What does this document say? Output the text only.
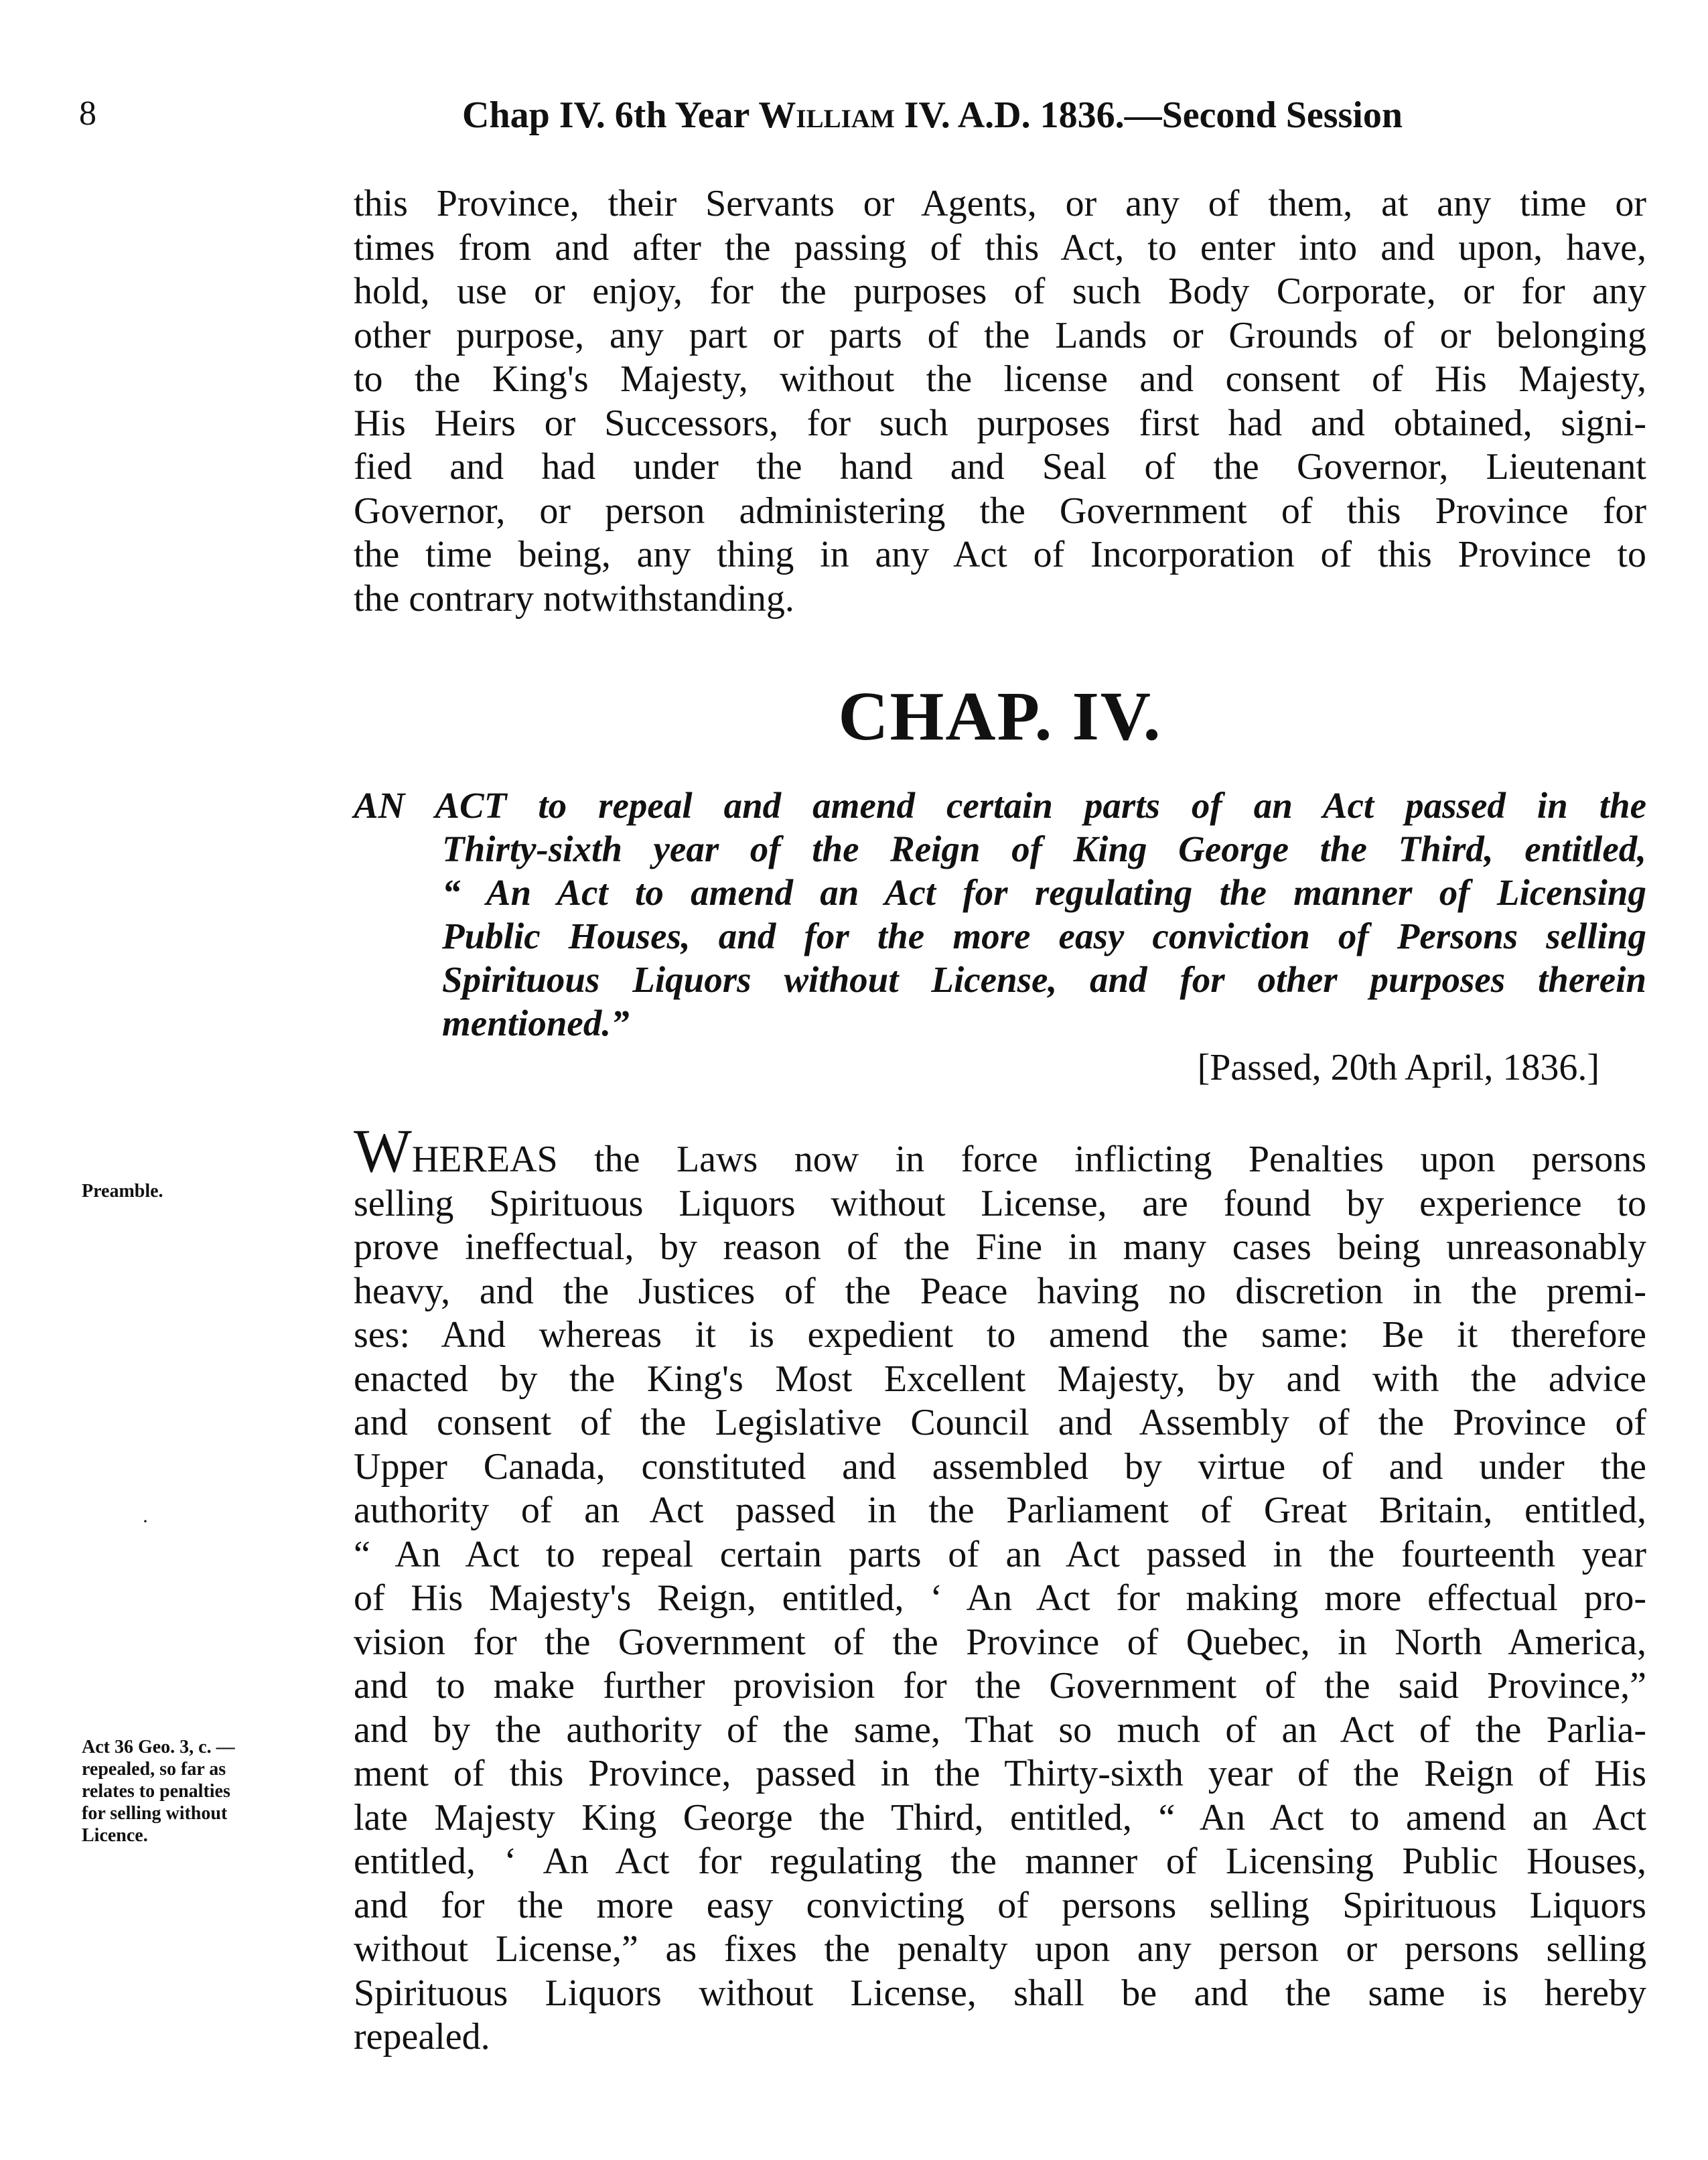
8	Chap IV. 6th Year William IV. A.D. 1836.—Second Session

this Province, their Servants or Agents, or any of them, at any time or
times from and after the passing of this Act, to enter into and upon, have,
hold, use or enjoy, for the purposes of such Body Corporate, or for any
other purpose, any part or parts of the Lands or Grounds of or belonging
to the King's Majesty, without the license and consent of His Majesty,
His Heirs or Successors, for such purposes first had and obtained, signi-
fied and had under the hand and Seal of the Governor, Lieutenant
Governor, or person administering the Government of this Province for
the time being, any thing in any Act of Incorporation of this Province to
the contrary notwithstanding.

CHAP. IV.
AN ACT to repeal and amend certain parts of an Act passed in the
Thirty-sixth year of the Reign of King George the Third, entitled,
“ An Act to amend an Act for regulating the manner of Licensing
Public Houses, and for the more easy conviction of Persons selling
Spirituous Liquors without License, and for other purposes therein
mentioned.”
[Passed, 20th April, 1836.]

WHEREAS the Laws now in force inflicting Penalties upon persons
selling Spirituous Liquors without License, are found by experience to
prove ineffectual, by reason of the Fine in many cases being unreasonably
heavy, and the Justices of the Peace having no discretion in the premi-
ses: And whereas it is expedient to amend the same: Be it therefore
enacted by the King's Most Excellent Majesty, by and with the advice
and consent of the Legislative Council and Assembly of the Province of
Upper Canada, constituted and assembled by virtue of and under the
authority of an Act passed in the Parliament of Great Britain, entitled,
“ An Act to repeal certain parts of an Act passed in the fourteenth year
of His Majesty's Reign, entitled, ‘ An Act for making more effectual pro-
vision for the Government of the Province of Quebec, in North America,
and to make further provision for the Government of the said Province,”
and by the authority of the same, That so much of an Act of the Parlia-
ment of this Province, passed in the Thirty-sixth year of the Reign of His
late Majesty King George the Third, entitled, “ An Act to amend an Act
entitled, ‘ An Act for regulating the manner of Licensing Public Houses,
and for the more easy convicting of persons selling Spirituous Liquors
without License,” as fixes the penalty upon any person or persons selling
Spirituous Liquors without License, shall be and the same is hereby
repealed.

Preamble.
·
Act 36 Geo. 3, c. —
repealed, so far as
relates to penalties
for selling without
Licence.
